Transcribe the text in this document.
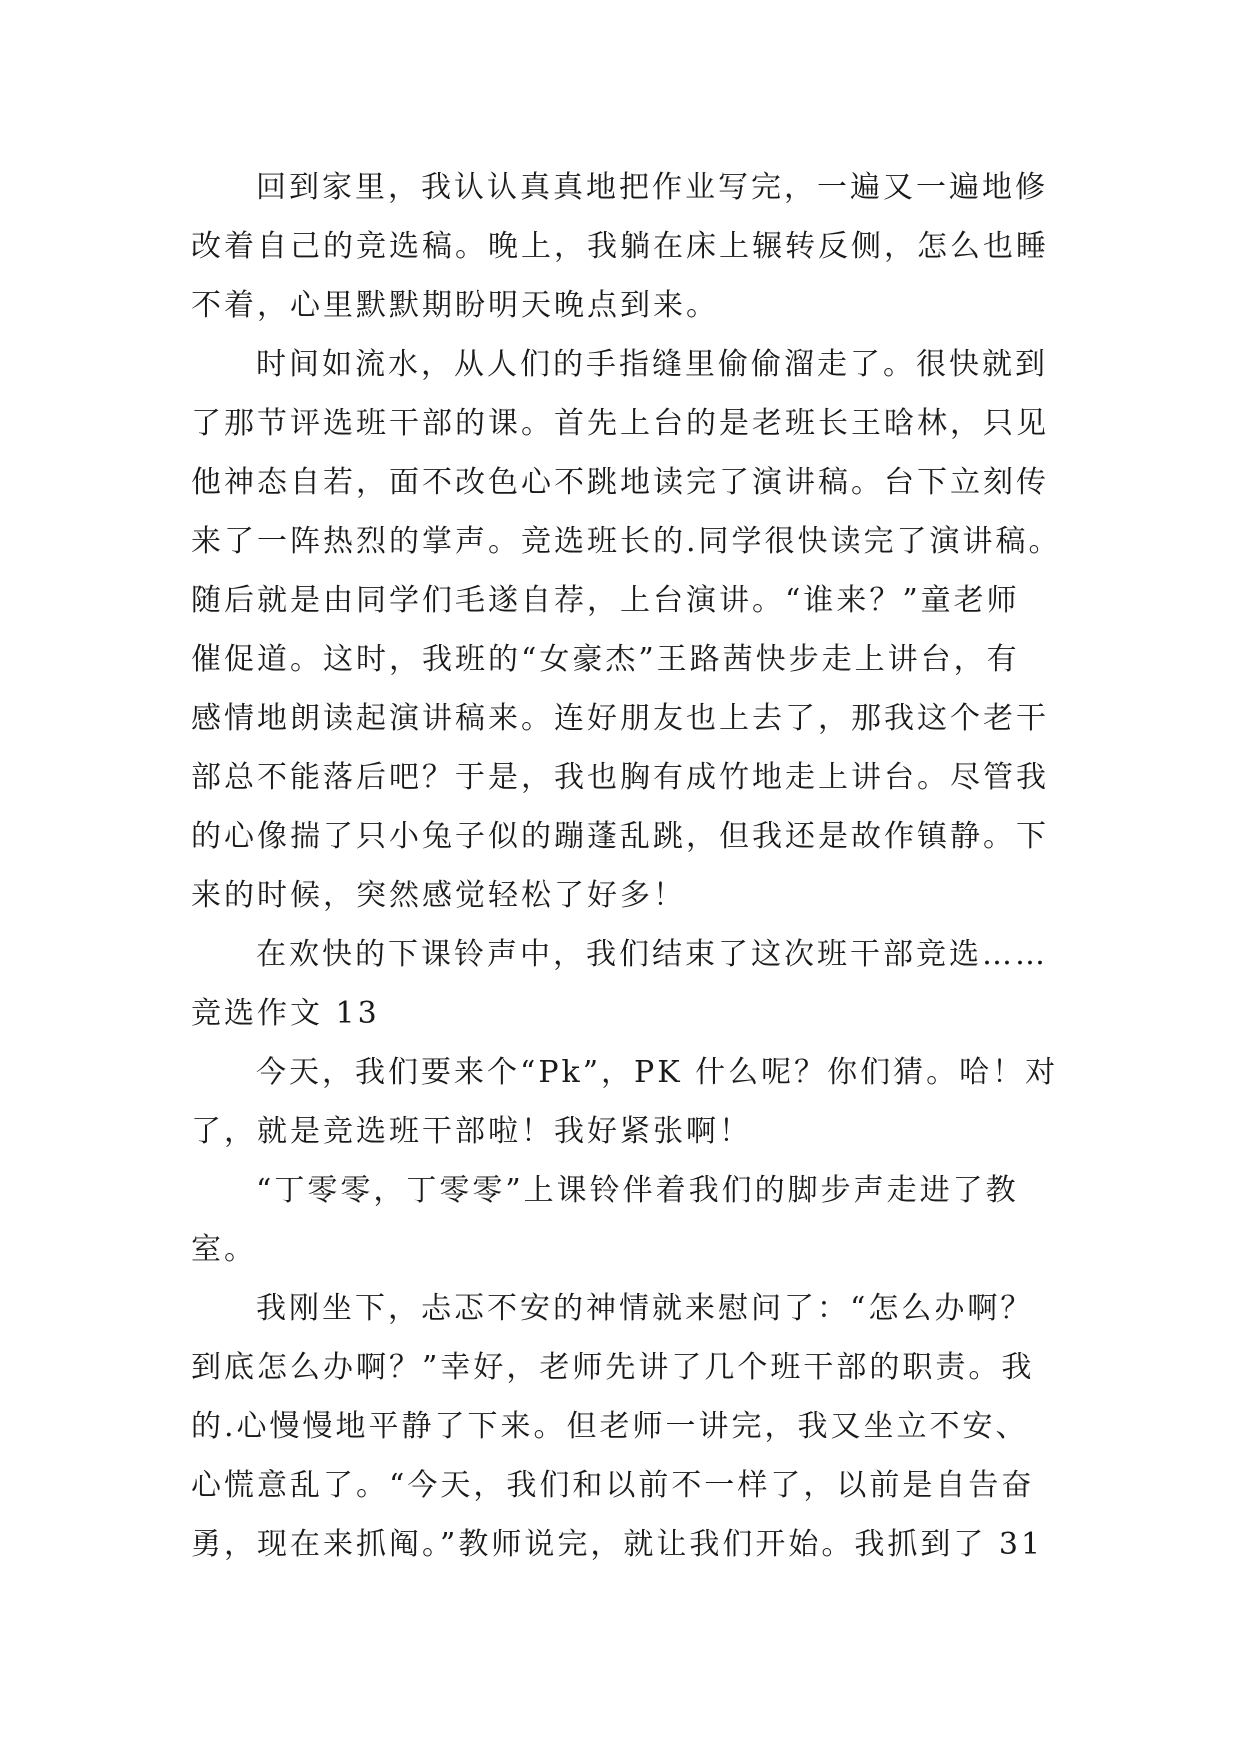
回到家里，我认认真真地把作业写完，一遍又一遍地修
改着自己的竞选稿。晚上，我躺在床上辗转反侧，怎么也睡
不着，心里默默期盼明天晚点到来。
时间如流水，从人们的手指缝里偷偷溜走了。很快就到
了那节评选班干部的课。首先上台的是老班长王晗林，只见
他神态自若，面不改色心不跳地读完了演讲稿。台下立刻传
来了一阵热烈的掌声。竞选班长的.同学很快读完了演讲稿。
随后就是由同学们毛遂自荐，上台演讲。“谁来？”童老师
催促道。这时，我班的“女豪杰”王路茜快步走上讲台，有
感情地朗读起演讲稿来。连好朋友也上去了，那我这个老干
部总不能落后吧？于是，我也胸有成竹地走上讲台。尽管我
的心像揣了只小兔子似的蹦蓬乱跳，但我还是故作镇静。下
来的时候，突然感觉轻松了好多！
在欢快的下课铃声中，我们结束了这次班干部竞选……
竞选作文 13
今天，我们要来个“Pk”，PK 什么呢？你们猜。哈！对
了，就是竞选班干部啦！我好紧张啊！
“丁零零，丁零零”上课铃伴着我们的脚步声走进了教
室。
我刚坐下，忐忑不安的神情就来慰问了：“怎么办啊？
到底怎么办啊？”幸好，老师先讲了几个班干部的职责。我
的.心慢慢地平静了下来。但老师一讲完，我又坐立不安、
心慌意乱了。“今天，我们和以前不一样了，以前是自告奋
勇，现在来抓阄。”教师说完，就让我们开始。我抓到了 31
